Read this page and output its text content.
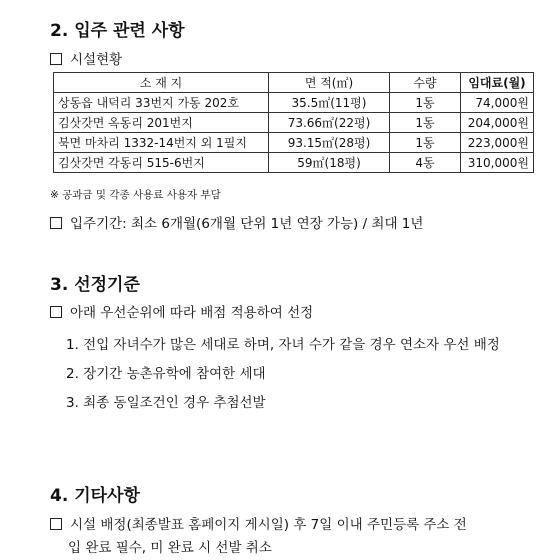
2. 입주 관련 사항
시설현황
소 재 지	면 적(㎡)	수량	임대료(월)
상동읍 내덕리 33번지 가동 202호	35.5㎡(11평)	1동	74,000원
김삿갓면 옥동리 201번지	73.66㎡(22평)	1동	204,000원
북면 마차리 1332-14번지 외 1필지	93.15㎡(28평)	1동	223,000원
김삿갓면 각동리 515-6번지	59㎡(18평)	4동	310,000원
※ 공과금 및 각종 사용료 사용자 부담
입주기간: 최소 6개월(6개월 단위 1년 연장 가능) / 최대 1년
3. 선정기준
아래 우선순위에 따라 배점 적용하여 선정
1. 전입 자녀수가 많은 세대로 하며, 자녀 수가 같을 경우 연소자 우선 배정
2. 장기간 농촌유학에 참여한 세대
3. 최종 동일조건인 경우 추첨선발
4. 기타사항
시설 배정(최종발표 홈페이지 게시일) 후 7일 이내 주민등록 주소 전
입 완료 필수, 미 완료 시 선발 취소
